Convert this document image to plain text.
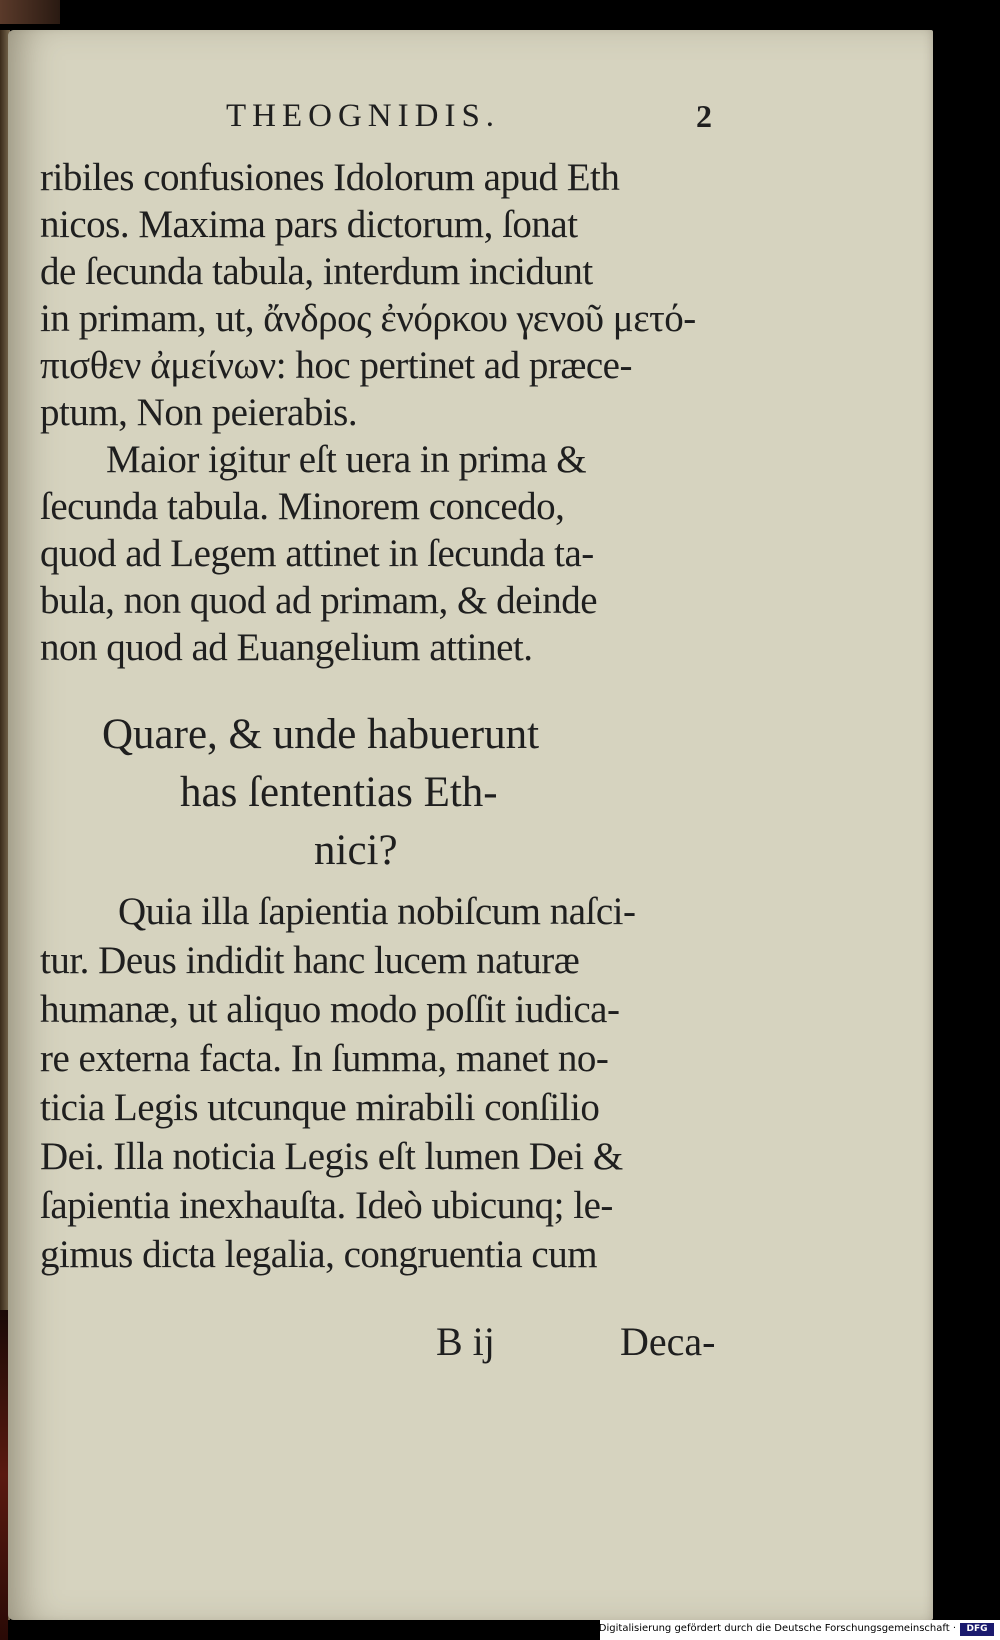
THEOGNIDIS.	2
ribiles confusiones Idolorum apud Eth
nicos. Maxima pars dictorum, ſonat
de ſecunda tabula, interdum incidunt
in primam, ut, ἄνδρος ἐνόρκου γενοῦ μετό-
πισθεν ἀμείνων: hoc pertinet ad præce-
ptum, Non peierabis.
Maior igitur eſt uera in prima &
ſecunda tabula. Minorem concedo,
quod ad Legem attinet in ſecunda ta-
bula, non quod ad primam, & deinde
non quod ad Euangelium attinet.
Quare, & unde habuerunt
has ſententias Eth-
nici?
Quia illa ſapientia nobiſcum naſci-
tur. Deus indidit hanc lucem naturæ
humanæ, ut aliquo modo poſſit iudica-
re externa facta. In ſumma, manet no-
ticia Legis utcunque mirabili conſilio
Dei. Illa noticia Legis eſt lumen Dei &
ſapientia inexhauſta. Ideò ubicunq; le-
gimus dicta legalia, congruentia cum
B ij	Deca-
Digitalisierung gefördert durch die Deutsche Forschungsgemeinschaft ·	DFG
